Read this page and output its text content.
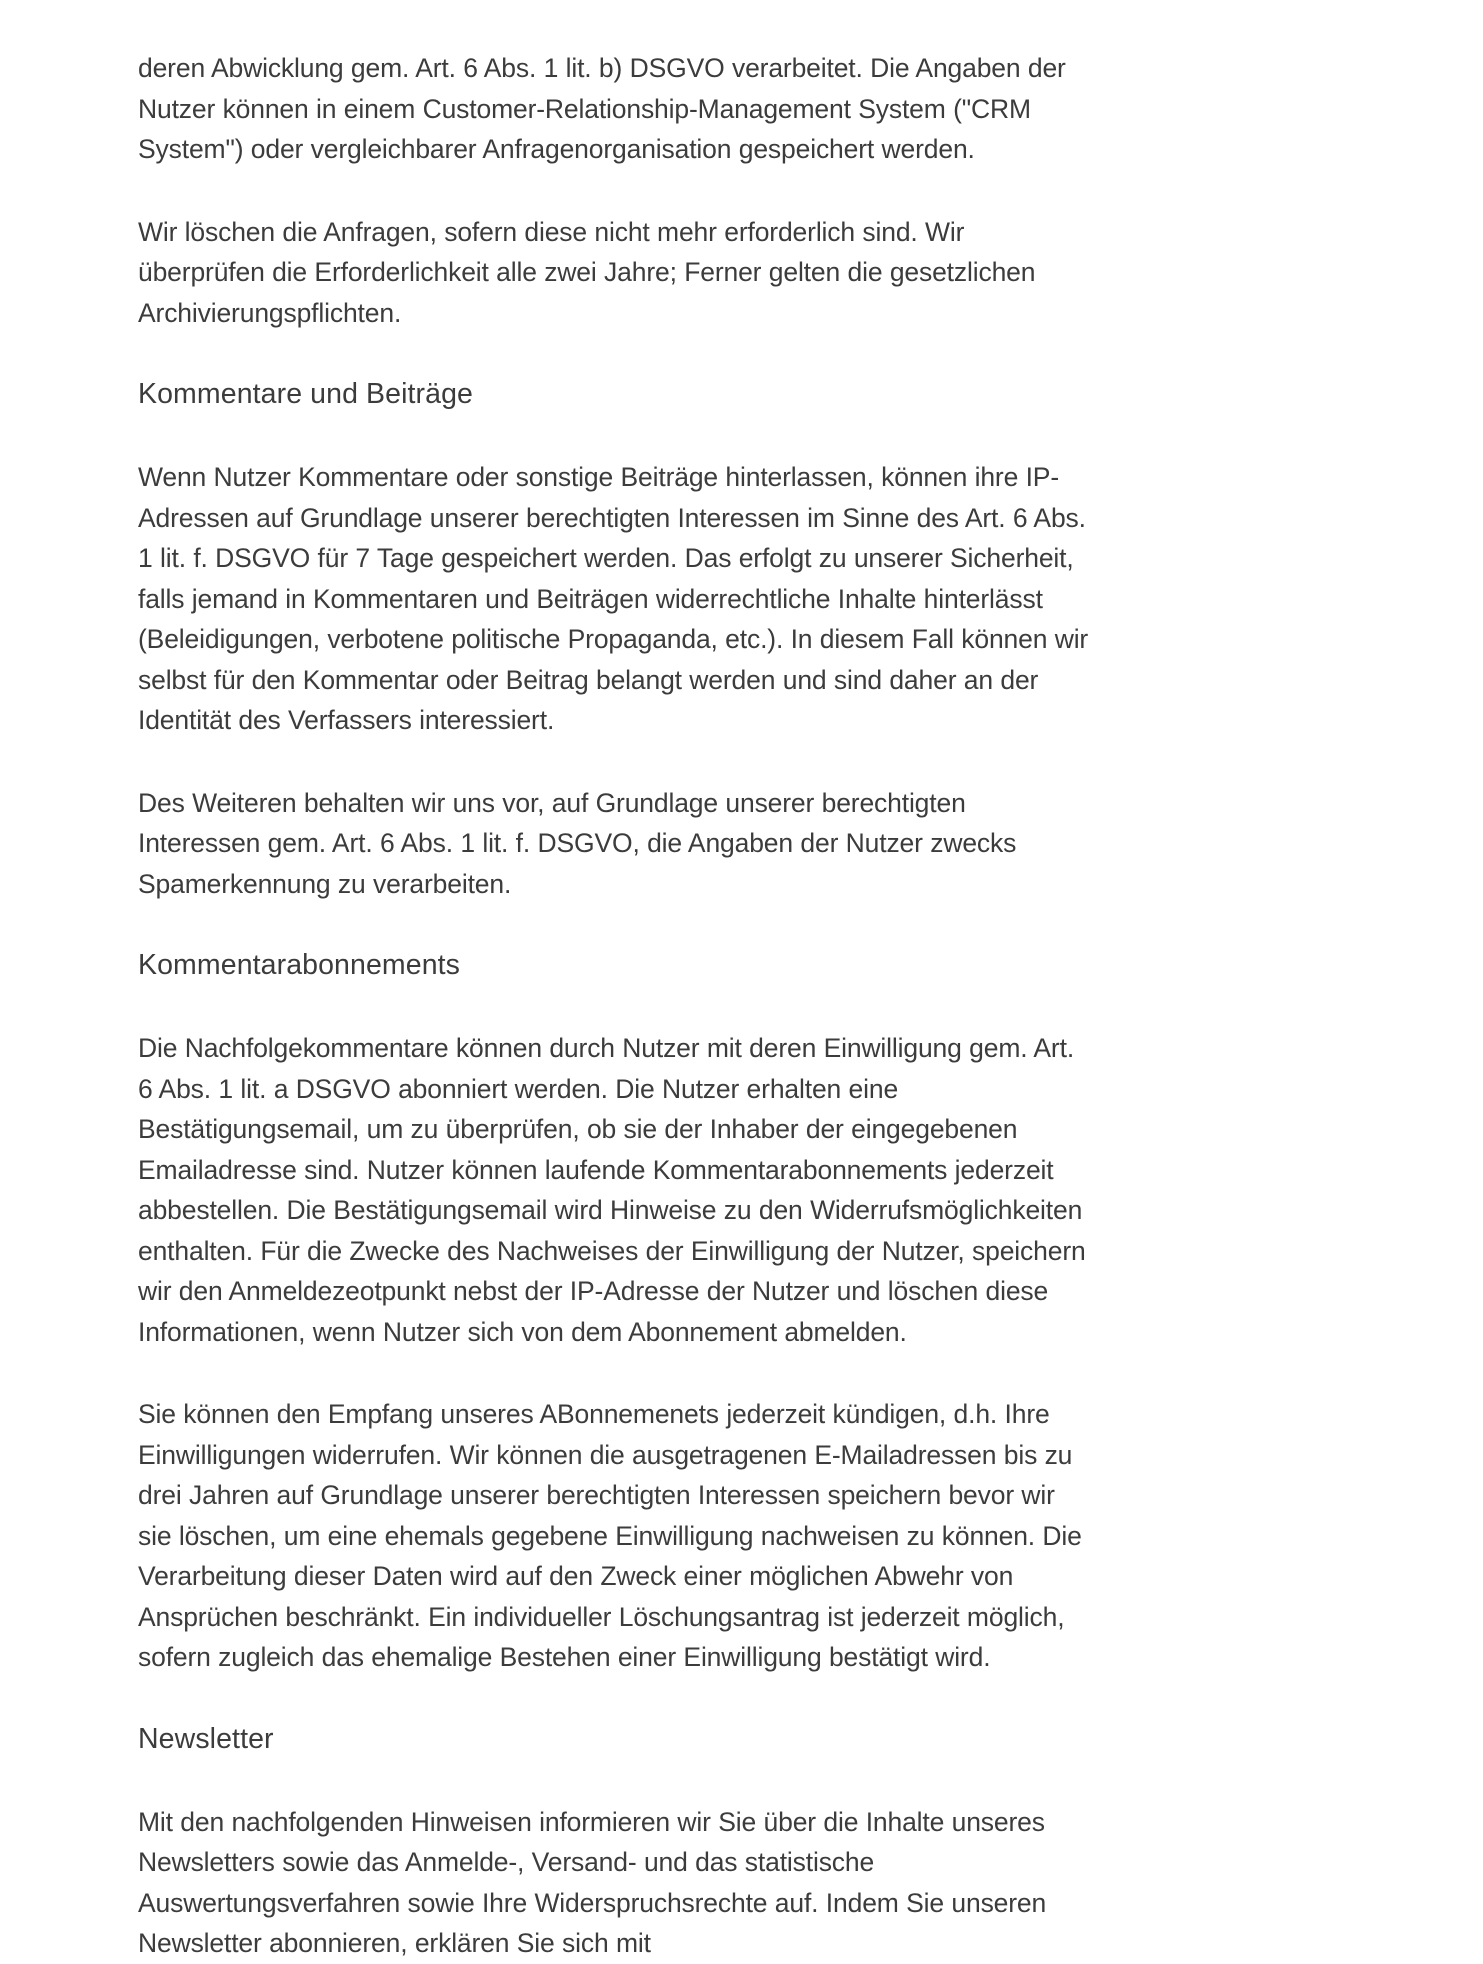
deren Abwicklung gem. Art. 6 Abs. 1 lit. b) DSGVO verarbeitet. Die Angaben der Nutzer können in einem Customer-Relationship-Management System ("CRM System") oder vergleichbarer Anfragenorganisation gespeichert werden.

Wir löschen die Anfragen, sofern diese nicht mehr erforderlich sind. Wir überprüfen die Erforderlichkeit alle zwei Jahre; Ferner gelten die gesetzlichen Archivierungspflichten.

Kommentare und Beiträge

Wenn Nutzer Kommentare oder sonstige Beiträge hinterlassen, können ihre IP-Adressen auf Grundlage unserer berechtigten Interessen im Sinne des Art. 6 Abs. 1 lit. f. DSGVO für 7 Tage gespeichert werden. Das erfolgt zu unserer Sicherheit, falls jemand in Kommentaren und Beiträgen widerrechtliche Inhalte hinterlässt (Beleidigungen, verbotene politische Propaganda, etc.). In diesem Fall können wir selbst für den Kommentar oder Beitrag belangt werden und sind daher an der Identität des Verfassers interessiert.

Des Weiteren behalten wir uns vor, auf Grundlage unserer berechtigten Interessen gem. Art. 6 Abs. 1 lit. f. DSGVO, die Angaben der Nutzer zwecks Spamerkennung zu verarbeiten.

Kommentarabonnements

Die Nachfolgekommentare können durch Nutzer mit deren Einwilligung gem. Art. 6 Abs. 1 lit. a DSGVO abonniert werden. Die Nutzer erhalten eine Bestätigungsemail, um zu überprüfen, ob sie der Inhaber der eingegebenen Emailadresse sind. Nutzer können laufende Kommentarabonnements jederzeit abbestellen. Die Bestätigungsemail wird Hinweise zu den Widerrufsmöglichkeiten enthalten. Für die Zwecke des Nachweises der Einwilligung der Nutzer, speichern wir den Anmeldezeotpunkt nebst der IP-Adresse der Nutzer und löschen diese Informationen, wenn Nutzer sich von dem Abonnement abmelden.

Sie können den Empfang unseres ABonnemenets jederzeit kündigen, d.h. Ihre Einwilligungen widerrufen. Wir können die ausgetragenen E-Mailadressen bis zu drei Jahren auf Grundlage unserer berechtigten Interessen speichern bevor wir sie löschen, um eine ehemals gegebene Einwilligung nachweisen zu können. Die Verarbeitung dieser Daten wird auf den Zweck einer möglichen Abwehr von Ansprüchen beschränkt. Ein individueller Löschungsantrag ist jederzeit möglich, sofern zugleich das ehemalige Bestehen einer Einwilligung bestätigt wird.

Newsletter

Mit den nachfolgenden Hinweisen informieren wir Sie über die Inhalte unseres Newsletters sowie das Anmelde-, Versand- und das statistische Auswertungsverfahren sowie Ihre Widerspruchsrechte auf. Indem Sie unseren Newsletter abonnieren, erklären Sie sich mit
